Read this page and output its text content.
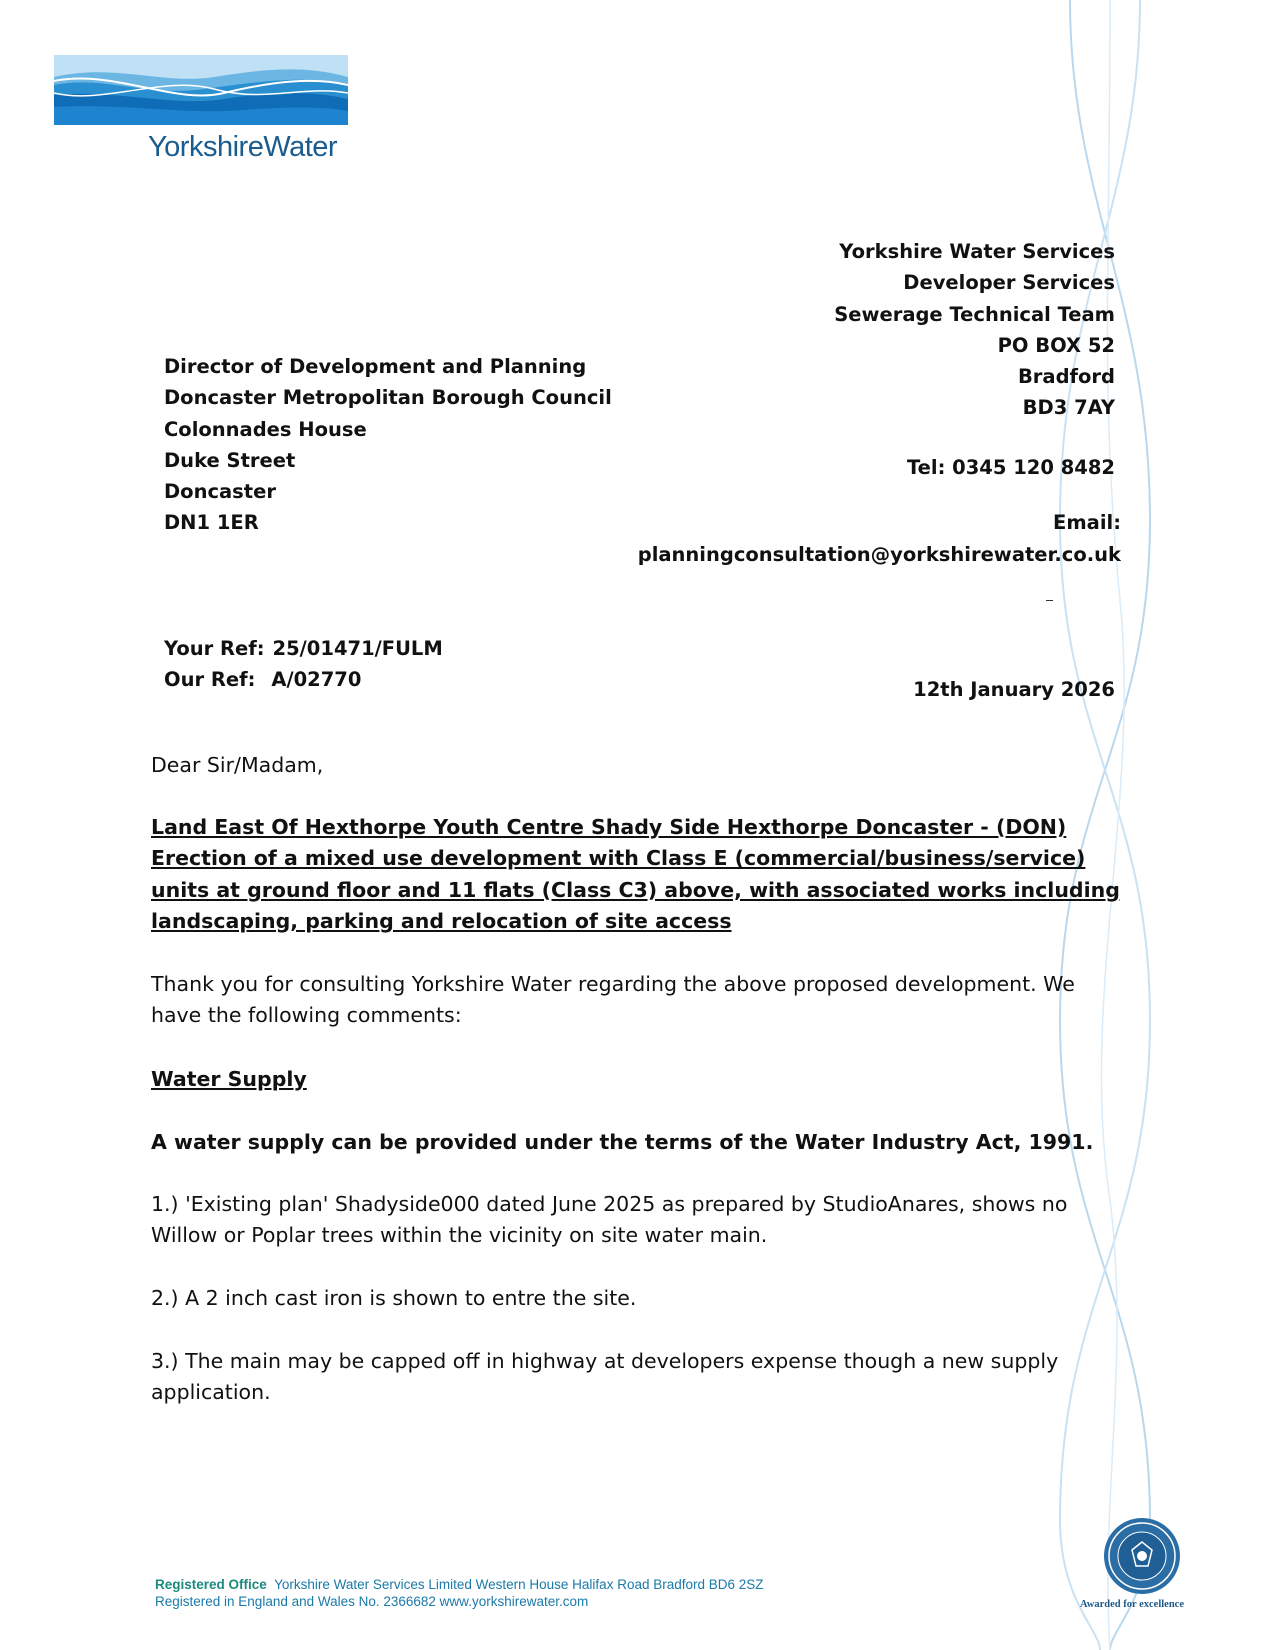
YorkshireWater
Yorkshire Water Services
Developer Services
Sewerage Technical Team
PO BOX 52
Bradford
BD3 7AY
Tel: 0345 120 8482
Email:
planningconsultation@yorkshirewater.co.uk
Director of Development and Planning
Doncaster Metropolitan Borough Council
Colonnades House
Duke Street
Doncaster
DN1 1ER
Your Ref: 25/01471/FULM
Our Ref: A/02770	12th January 2026
Dear Sir/Madam,
Land East Of Hexthorpe Youth Centre Shady Side Hexthorpe Doncaster - (DON) Erection of a mixed use development with Class E (commercial/business/service) units at ground floor and 11 flats (Class C3) above, with associated works including landscaping, parking and relocation of site access
Thank you for consulting Yorkshire Water regarding the above proposed development. We have the following comments:
Water Supply
A water supply can be provided under the terms of the Water Industry Act, 1991.
1.) 'Existing plan' Shadyside000 dated June 2025 as prepared by StudioAnares, shows no Willow or Poplar trees within the vicinity on site water main.
2.) A 2 inch cast iron is shown to entre the site.
3.) The main may be capped off in highway at developers expense though a new supply application.
Registered Office Yorkshire Water Services Limited Western House Halifax Road Bradford BD6 2SZ
Registered in England and Wales No. 2366682 www.yorkshirewater.com	Awarded for excellence
